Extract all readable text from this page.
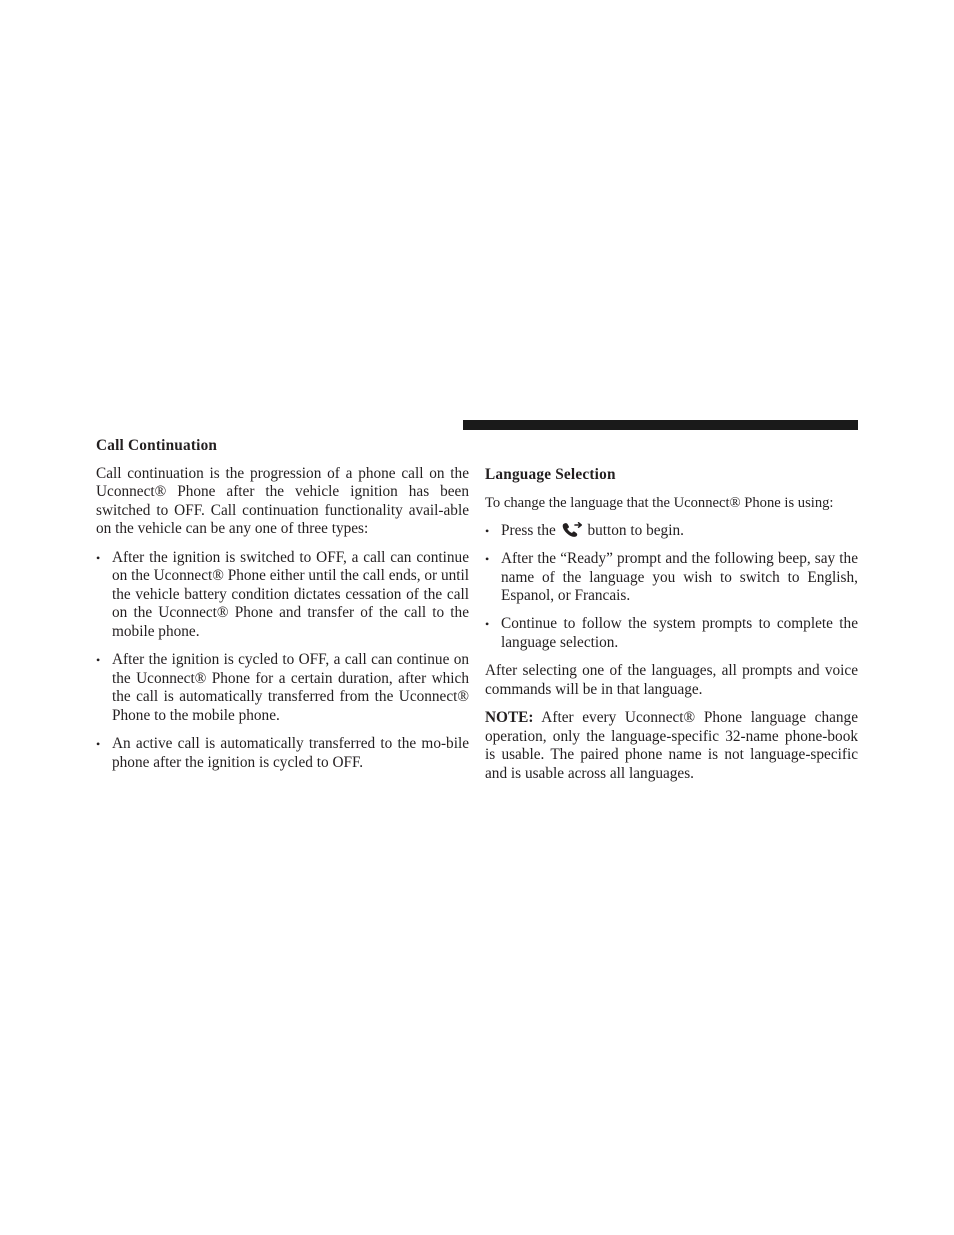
Call Continuation

Call continuation is the progression of a phone call on the Uconnect® Phone after the vehicle ignition has been switched to OFF. Call continuation functionality avail-able on the vehicle can be any one of three types:

• After the ignition is switched to OFF, a call can continue on the Uconnect® Phone either until the call ends, or until the vehicle battery condition dictates cessation of the call on the Uconnect® Phone and transfer of the call to the mobile phone.
• After the ignition is cycled to OFF, a call can continue on the Uconnect® Phone for a certain duration, after which the call is automatically transferred from the Uconnect® Phone to the mobile phone.
• An active call is automatically transferred to the mo-bile phone after the ignition is cycled to OFF.
Language Selection

To change the language that the Uconnect® Phone is using:

• Press the button to begin.
• After the “Ready” prompt and the following beep, say the name of the language you wish to switch to English, Espanol, or Francais.
• Continue to follow the system prompts to complete the language selection.

After selecting one of the languages, all prompts and voice commands will be in that language.

NOTE: After every Uconnect® Phone language change operation, only the language-specific 32-name phone-book is usable. The paired phone name is not language-specific and is usable across all languages.
